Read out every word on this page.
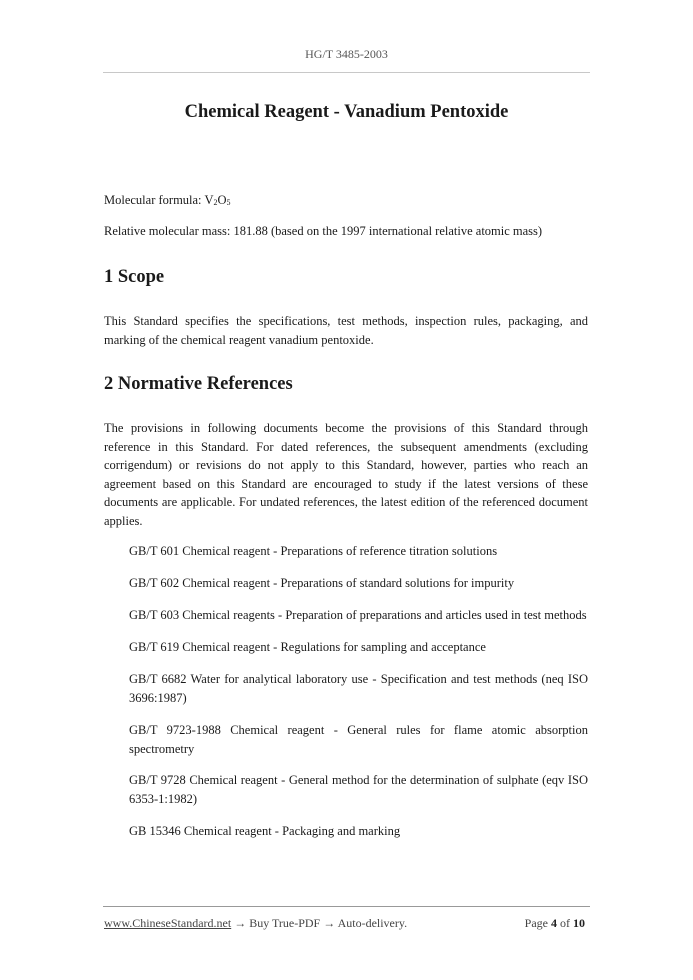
HG/T 3485-2003
Chemical Reagent - Vanadium Pentoxide
Molecular formula: $V_2O_5$
Relative molecular mass: 181.88 (based on the 1997 international relative atomic mass)
1 Scope
This Standard specifies the specifications, test methods, inspection rules, packaging, and marking of the chemical reagent vanadium pentoxide.
2 Normative References
The provisions in following documents become the provisions of this Standard through reference in this Standard. For dated references, the subsequent amendments (excluding corrigendum) or revisions do not apply to this Standard, however, parties who reach an agreement based on this Standard are encouraged to study if the latest versions of these documents are applicable. For undated references, the latest edition of the referenced document applies.
GB/T 601 Chemical reagent - Preparations of reference titration solutions
GB/T 602 Chemical reagent - Preparations of standard solutions for impurity
GB/T 603 Chemical reagents - Preparation of preparations and articles used in test methods
GB/T 619 Chemical reagent - Regulations for sampling and acceptance
GB/T 6682 Water for analytical laboratory use - Specification and test methods (neq ISO 3696:1987)
GB/T 9723-1988 Chemical reagent - General rules for flame atomic absorption spectrometry
GB/T 9728 Chemical reagent - General method for the determination of sulphate (eqv ISO 6353-1:1982)
GB 15346 Chemical reagent - Packaging and marking
www.ChineseStandard.net → Buy True-PDF → Auto-delivery.	Page 4 of 10
